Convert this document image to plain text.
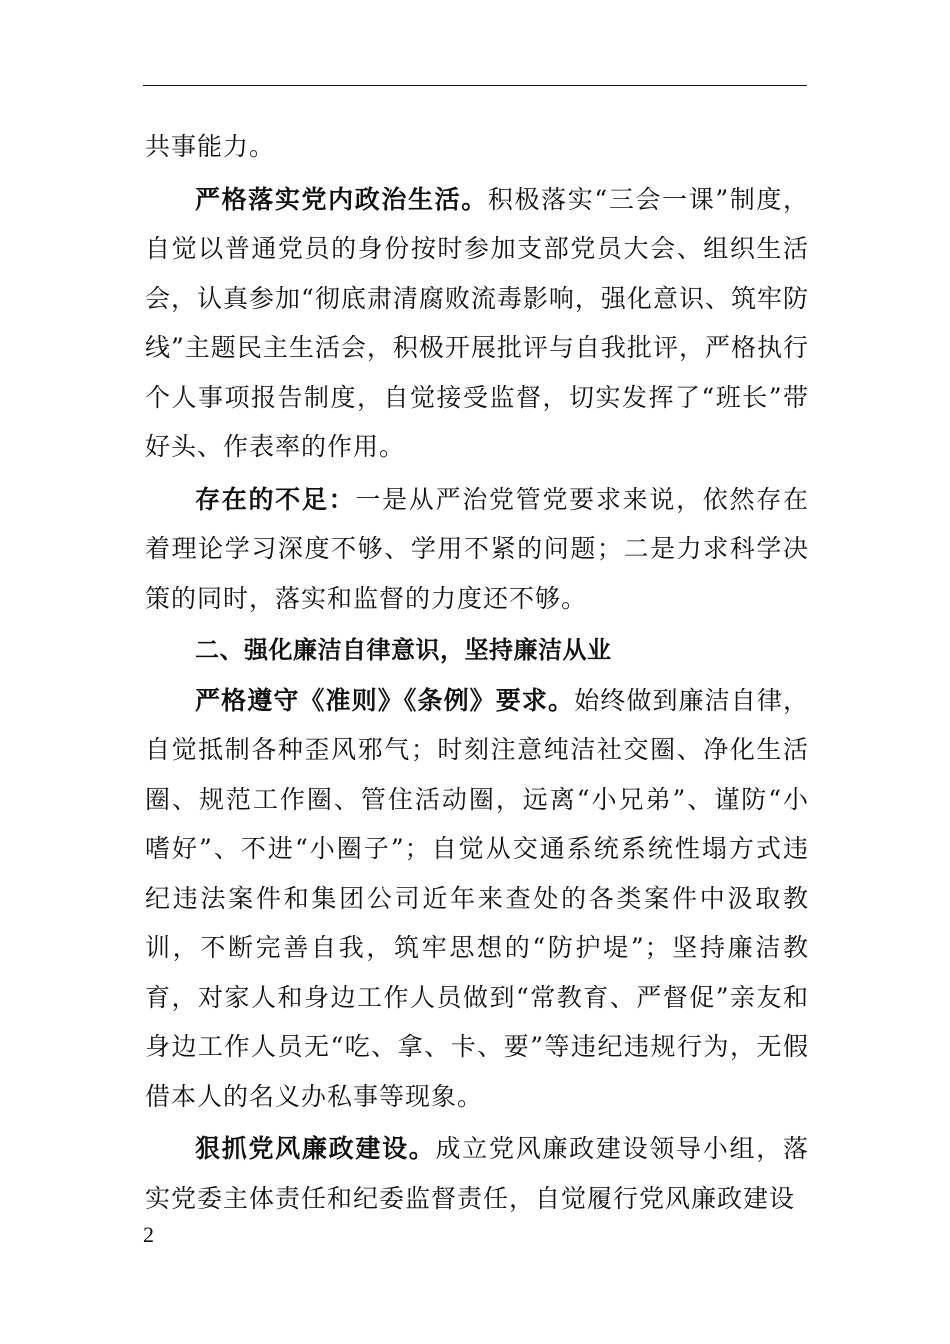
共事能力。

严格落实党内政治生活。积极落实“三会一课”制度，自觉以普通党员的身份按时参加支部党员大会、组织生活会，认真参加“彻底肃清腐败流毒影响，强化意识、筑牢防线”主题民主生活会，积极开展批评与自我批评，严格执行个人事项报告制度，自觉接受监督，切实发挥了“班长”带好头、作表率的作用。

存在的不足：一是从严治党管党要求来说，依然存在着理论学习深度不够、学用不紧的问题；二是力求科学决策的同时，落实和监督的力度还不够。

二、强化廉洁自律意识，坚持廉洁从业

严格遵守《准则》《条例》要求。始终做到廉洁自律，自觉抵制各种歪风邪气；时刻注意纯洁社交圈、净化生活圈、规范工作圈、管住活动圈，远离“小兄弟”、谨防“小嗜好”、不进“小圈子”；自觉从交通系统系统性塌方式违纪违法案件和集团公司近年来查处的各类案件中汲取教训，不断完善自我，筑牢思想的“防护堤”；坚持廉洁教育，对家人和身边工作人员做到“常教育、严督促”亲友和身边工作人员无“吃、拿、卡、要”等违纪违规行为，无假借本人的名义办私事等现象。

狠抓党风廉政建设。成立党风廉政建设领导小组，落实党委主体责任和纪委监督责任，自觉履行党风廉政建设

2
